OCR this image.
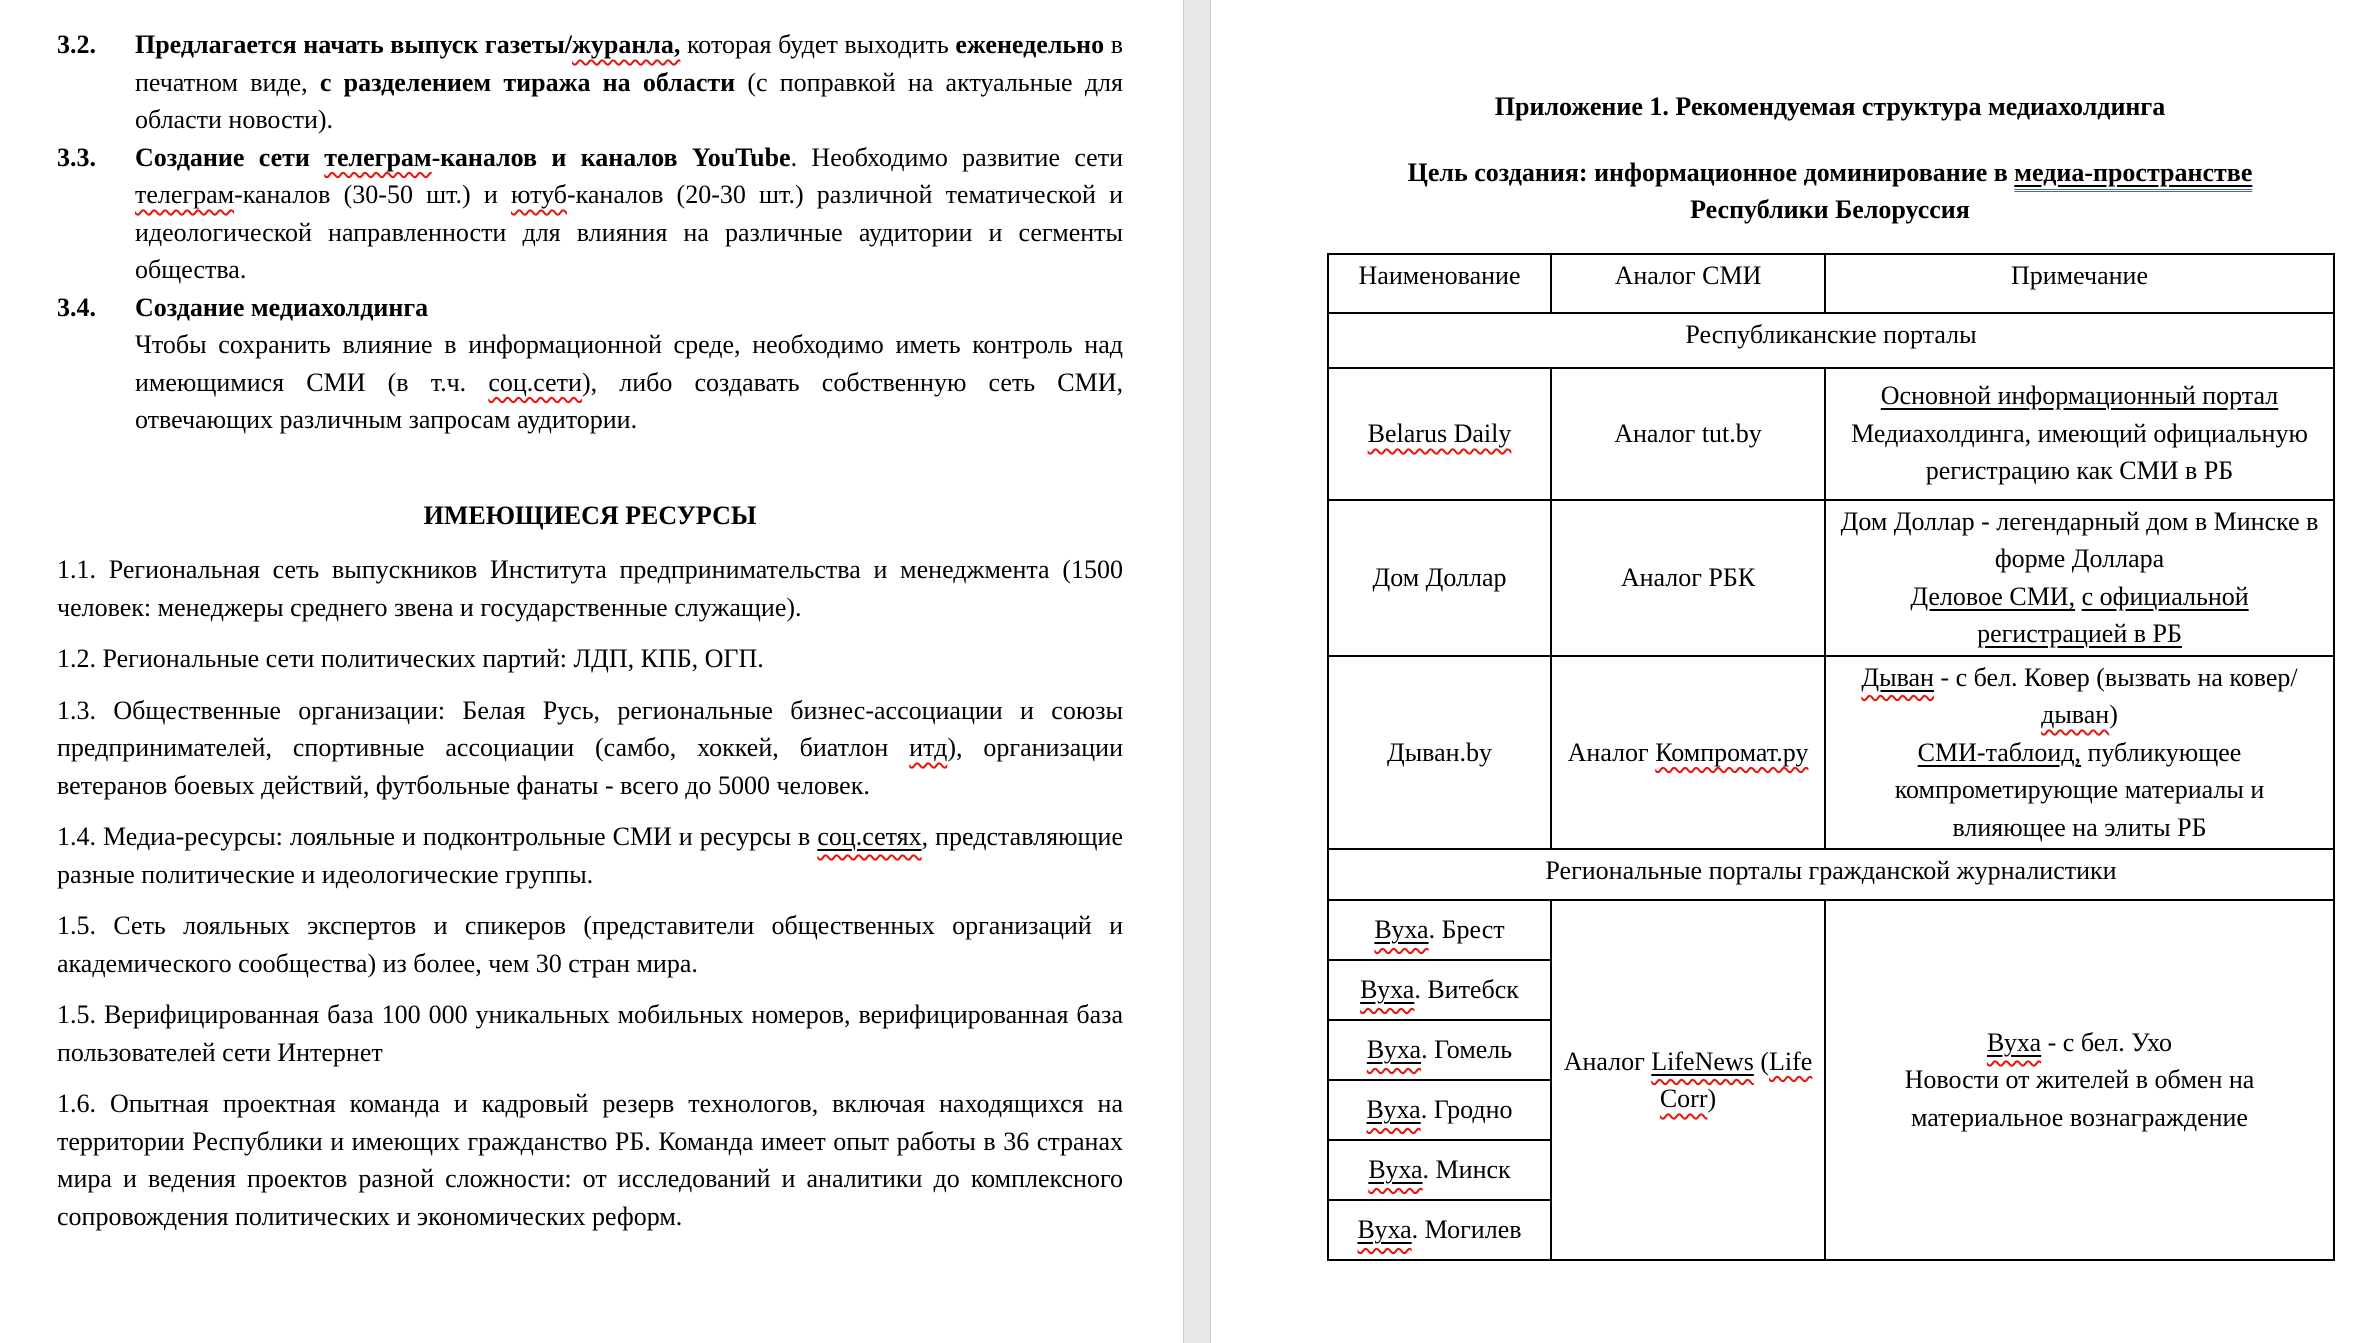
3.2. Предлагается начать выпуск газеты/журанла, которая будет выходить еженедельно в печатном виде, с разделением тиража на области (с поправкой на актуальные для области новости).
3.3. Создание сети телеграм-каналов и каналов YouTube. Необходимо развитие сети телеграм-каналов (30-50 шт.) и ютуб-каналов (20-30 шт.) различной тематической и идеологической направленности для влияния на различные аудитории и сегменты общества.
3.4. Создание медиахолдинга
Чтобы сохранить влияние в информационной среде, необходимо иметь контроль над имеющимися СМИ (в т.ч. соц.сети), либо создавать собственную сеть СМИ, отвечающих различным запросам аудитории.
ИМЕЮЩИЕСЯ РЕСУРСЫ
1.1. Региональная сеть выпускников Института предпринимательства и менеджмента (1500 человек: менеджеры среднего звена и государственные служащие).
1.2. Региональные сети политических партий: ЛДП, КПБ, ОГП.
1.3. Общественные организации: Белая Русь, региональные бизнес-ассоциации и союзы предпринимателей, спортивные ассоциации (самбо, хоккей, биатлон итд), организации ветеранов боевых действий, футбольные фанаты - всего до 5000 человек.
1.4. Медиа-ресурсы: лояльные и подконтрольные СМИ и ресурсы в соц.сетях, представляющие разные политические и идеологические группы.
1.5. Сеть лояльных экспертов и спикеров (представители общественных организаций и академического сообщества) из более, чем 30 стран мира.
1.5. Верифицированная база 100 000 уникальных мобильных номеров, верифицированная база пользователей сети Интернет
1.6. Опытная проектная команда и кадровый резерв технологов, включая находящихся на территории Республики и имеющих гражданство РБ. Команда имеет опыт работы в 36 странах мира и ведения проектов разной сложности: от исследований и аналитики до комплексного сопровождения политических и экономических реформ.
Приложение 1. Рекомендуемая структура медиахолдинга
Цель создания: информационное доминирование в медиа-пространстве
Республики Белоруссия
Наименование	Аналог СМИ	Примечание
Республиканские порталы		
Belarus Daily	Аналог tut.by	Основной информационный портал
Медиахолдинга, имеющий официальную регистрацию как СМИ в РБ
Дом Доллар	Аналог РБК	Дом Доллар - легендарный дом в Минске в форме Доллара
Деловое СМИ, с официальной регистрацией в РБ
Дыван.by	Аналог Компромат.ру	Дыван - с бел. Ковер (вызвать на ковер/дыван)
СМИ-таблоид, публикующее компрометирующие материалы и влияющее на элиты РБ
Региональные порталы гражданской журналистики		
Вуха. Брест	Аналог LifeNews (Life Corr)	Вуха - с бел. Ухо
Новости от жителей в обмен на материальное вознаграждение
Вуха. Витебск		
Вуха. Гомель		
Вуха. Гродно		
Вуха. Минск		
Вуха. Могилев		
